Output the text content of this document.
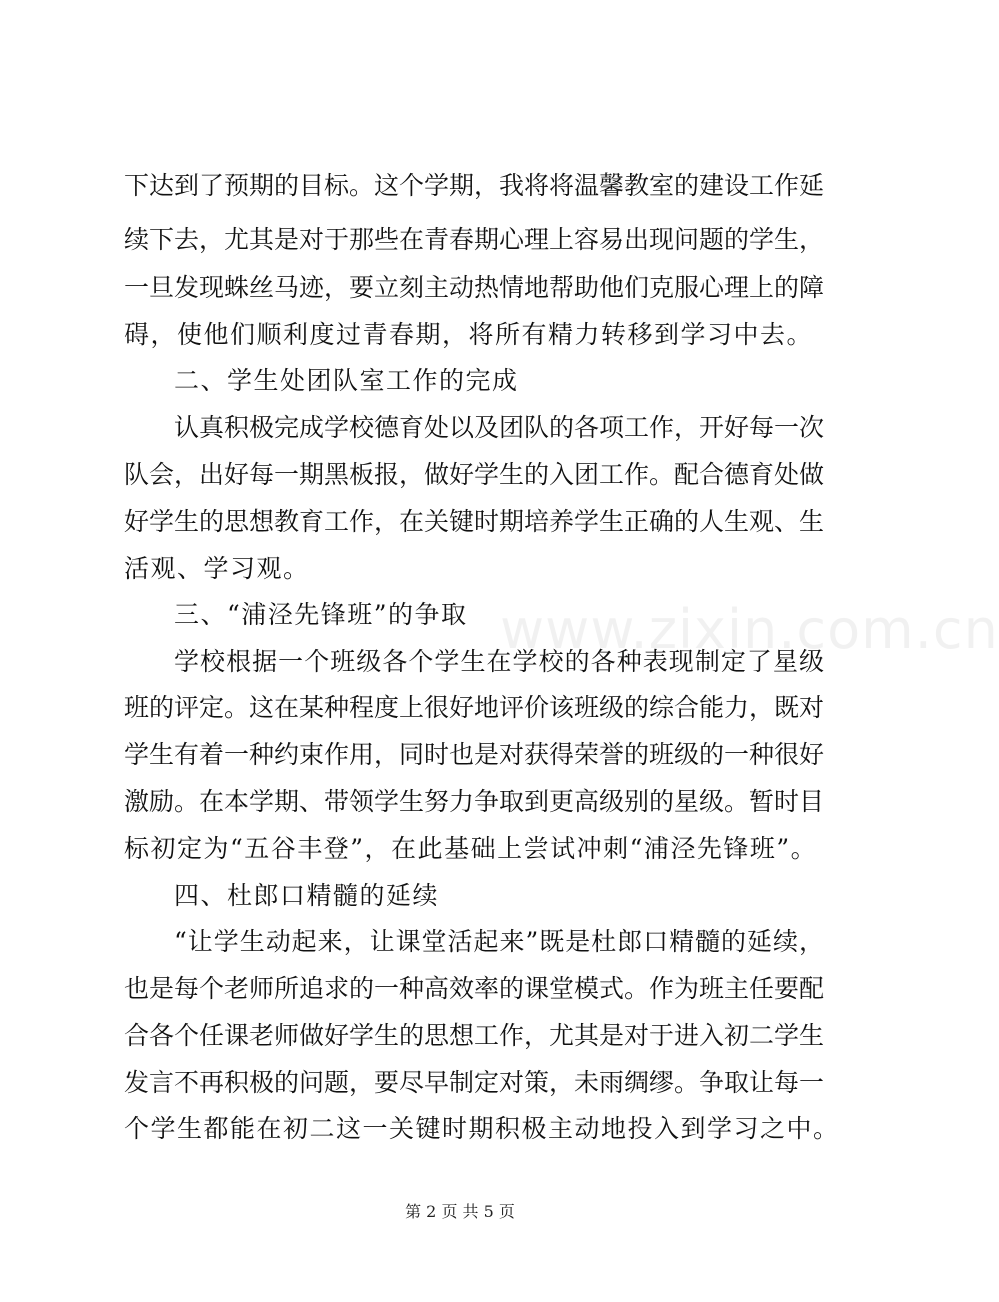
www.zixin.com.cn
下达到了预期的目标。这个学期，我将将温馨教室的建设工作延
续下去，尤其是对于那些在青春期心理上容易出现问题的学生，
一旦发现蛛丝马迹，要立刻主动热情地帮助他们克服心理上的障
碍，使他们顺利度过青春期，将所有精力转移到学习中去。
二、学生处团队室工作的完成
认真积极完成学校德育处以及团队的各项工作，开好每一次
队会，出好每一期黑板报，做好学生的入团工作。配合德育处做
好学生的思想教育工作，在关键时期培养学生正确的人生观、生
活观、学习观。
三、“浦泾先锋班”的争取
学校根据一个班级各个学生在学校的各种表现制定了星级
班的评定。这在某种程度上很好地评价该班级的综合能力，既对
学生有着一种约束作用，同时也是对获得荣誉的班级的一种很好
激励。在本学期、带领学生努力争取到更高级别的星级。暂时目
标初定为“五谷丰登”，在此基础上尝试冲刺“浦泾先锋班”。
四、杜郎口精髓的延续
“让学生动起来，让课堂活起来”既是杜郎口精髓的延续，
也是每个老师所追求的一种高效率的课堂模式。作为班主任要配
合各个任课老师做好学生的思想工作，尤其是对于进入初二学生
发言不再积极的问题，要尽早制定对策，未雨绸缪。争取让每一
个学生都能在初二这一关键时期积极主动地投入到学习之中。
第 2 页 共 5 页
